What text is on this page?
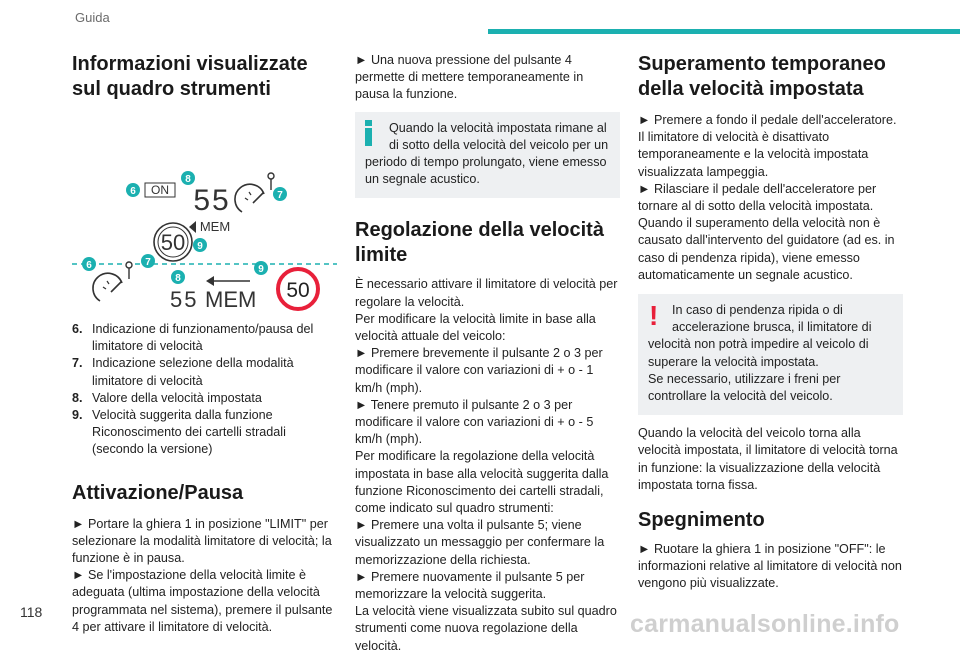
Guida
Informazioni visualizzate sul quadro strumenti
6 ON
8
55	7
MEM
50 9
6	7
8
55 MEM
9
50
6. Indicazione di funzionamento/pausa del limitatore di velocità
7. Indicazione selezione della modalità limitatore di velocità
8. Valore della velocità impostata
9. Velocità suggerita dalla funzione Riconoscimento dei cartelli stradali (secondo la versione)
Attivazione/Pausa

► Portare la ghiera 1 in posizione "LIMIT" per selezionare la modalità limitatore di velocità; la funzione è in pausa.

► Se l'impostazione della velocità limite è adeguata (ultima impostazione della velocità programmata nel sistema), premere il pulsante 4 per attivare il limitatore di velocità.

► Una nuova pressione del pulsante 4 permette di mettere temporaneamente in pausa la funzione.

Quando la velocità impostata rimane al
di sotto della velocità del veicolo per un
periodo di tempo prolungato, viene emesso un segnale acustico.
Regolazione della velocità limite

È necessario attivare il limitatore di velocità per regolare la velocità.

Per modificare la velocità limite in base alla velocità attuale del veicolo:

► Premere brevemente il pulsante 2 o 3 per modificare il valore con variazioni di + o - 1 km/h (mph).

► Tenere premuto il pulsante 2 o 3 per modificare il valore con variazioni di + o - 5 km/h (mph).

Per modificare la regolazione della velocità impostata in base alla velocità suggerita dalla funzione Riconoscimento dei cartelli stradali, come indicato sul quadro strumenti:

► Premere una volta il pulsante 5; viene visualizzato un messaggio per confermare la memorizzazione della richiesta.

► Premere nuovamente il pulsante 5 per memorizzare la velocità suggerita.

La velocità viene visualizzata subito sul quadro strumenti come nuova regolazione della velocità.

Superamento temporaneo della velocità impostata

► Premere a fondo il pedale dell'acceleratore.

Il limitatore di velocità è disattivato temporaneamente e la velocità impostata visualizzata lampeggia.

► Rilasciare il pedale dell'acceleratore per tornare al di sotto della velocità impostata.

Quando il superamento della velocità non è causato dall'intervento del guidatore (ad es. in caso di pendenza ripida), viene emesso automaticamente un segnale acustico.

!	In caso di pendenza ripida o di
accelerazione brusca, il limitatore di
velocità non potrà impedire al veicolo di superare la velocità impostata.
Se necessario, utilizzare i freni per controllare la velocità del veicolo.

Quando la velocità del veicolo torna alla velocità impostata, il limitatore di velocità torna in funzione: la visualizzazione della velocità impostata torna fissa.

Spegnimento

► Ruotare la ghiera 1 in posizione "OFF": le informazioni relative al limitatore di velocità non vengono più visualizzate.

118	carmanualsonline.info
